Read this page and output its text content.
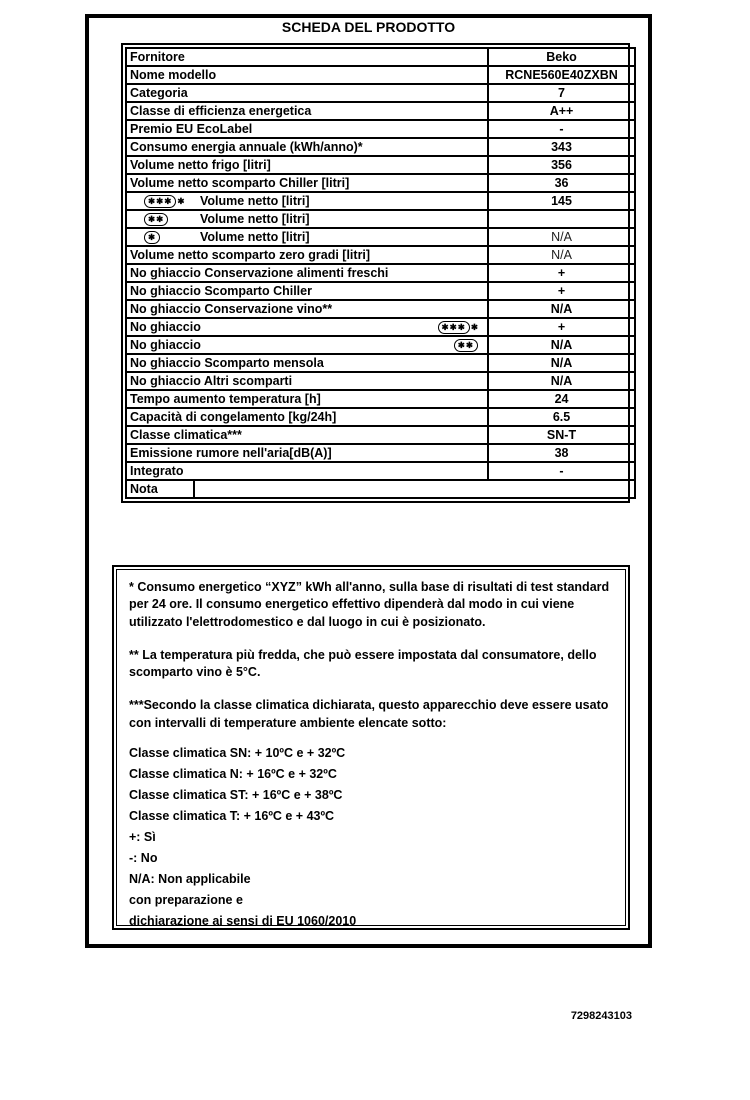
SCHEDA DEL PRODOTTO
Fornitore		Beko
Nome modello		RCNE560E40ZXBN
Categoria		7
Classe di efficienza energetica		A++
Premio EU EcoLabel		-
Consumo energia annuale (kWh/anno)*		343
Volume netto frigo [litri]		356
Volume netto scomparto Chiller [litri]		36
✱✱✱ ✱ Volume netto [litri]		145
✱✱ Volume netto [litri]		
✱ Volume netto [litri]		N/A
Volume netto scomparto zero gradi [litri]		N/A
No ghiaccio Conservazione alimenti freschi		+
No ghiaccio Scomparto Chiller		+
No ghiaccio Conservazione vino**		N/A

No ghiaccio ✱✱✱ ✱		+

No ghiaccio ✱✱		N/A
No ghiaccio Scomparto mensola		N/A
No ghiaccio Altri scomparti		N/A
Tempo aumento temperatura [h]		24
Capacità di congelamento [kg/24h]		6.5
Classe climatica***		SN-T
Emissione rumore nell'aria[dB(A)]		38
Integrato		-
Nota		
* Consumo energetico “XYZ” kWh all'anno, sulla base di risultati di test standard per 24 ore. Il consumo energetico effettivo dipenderà dal modo in cui viene utilizzato l'elettrodomestico e dal luogo in cui è posizionato.
** La temperatura più fredda, che può essere impostata dal consumatore, dello scomparto vino è 5°C.
***Secondo la classe climatica dichiarata, questo apparecchio deve essere usato con intervalli di temperature ambiente elencate sotto:
Classe climatica SN: + 10ºC e + 32ºC
Classe climatica N: + 16ºC e + 32ºC
Classe climatica ST: + 16ºC e + 38ºC
Classe climatica T: + 16ºC e + 43ºC
+: Sì
-: No
N/A: Non applicabile
con preparazione e
dichiarazione ai sensi di EU 1060/2010
7298243103
